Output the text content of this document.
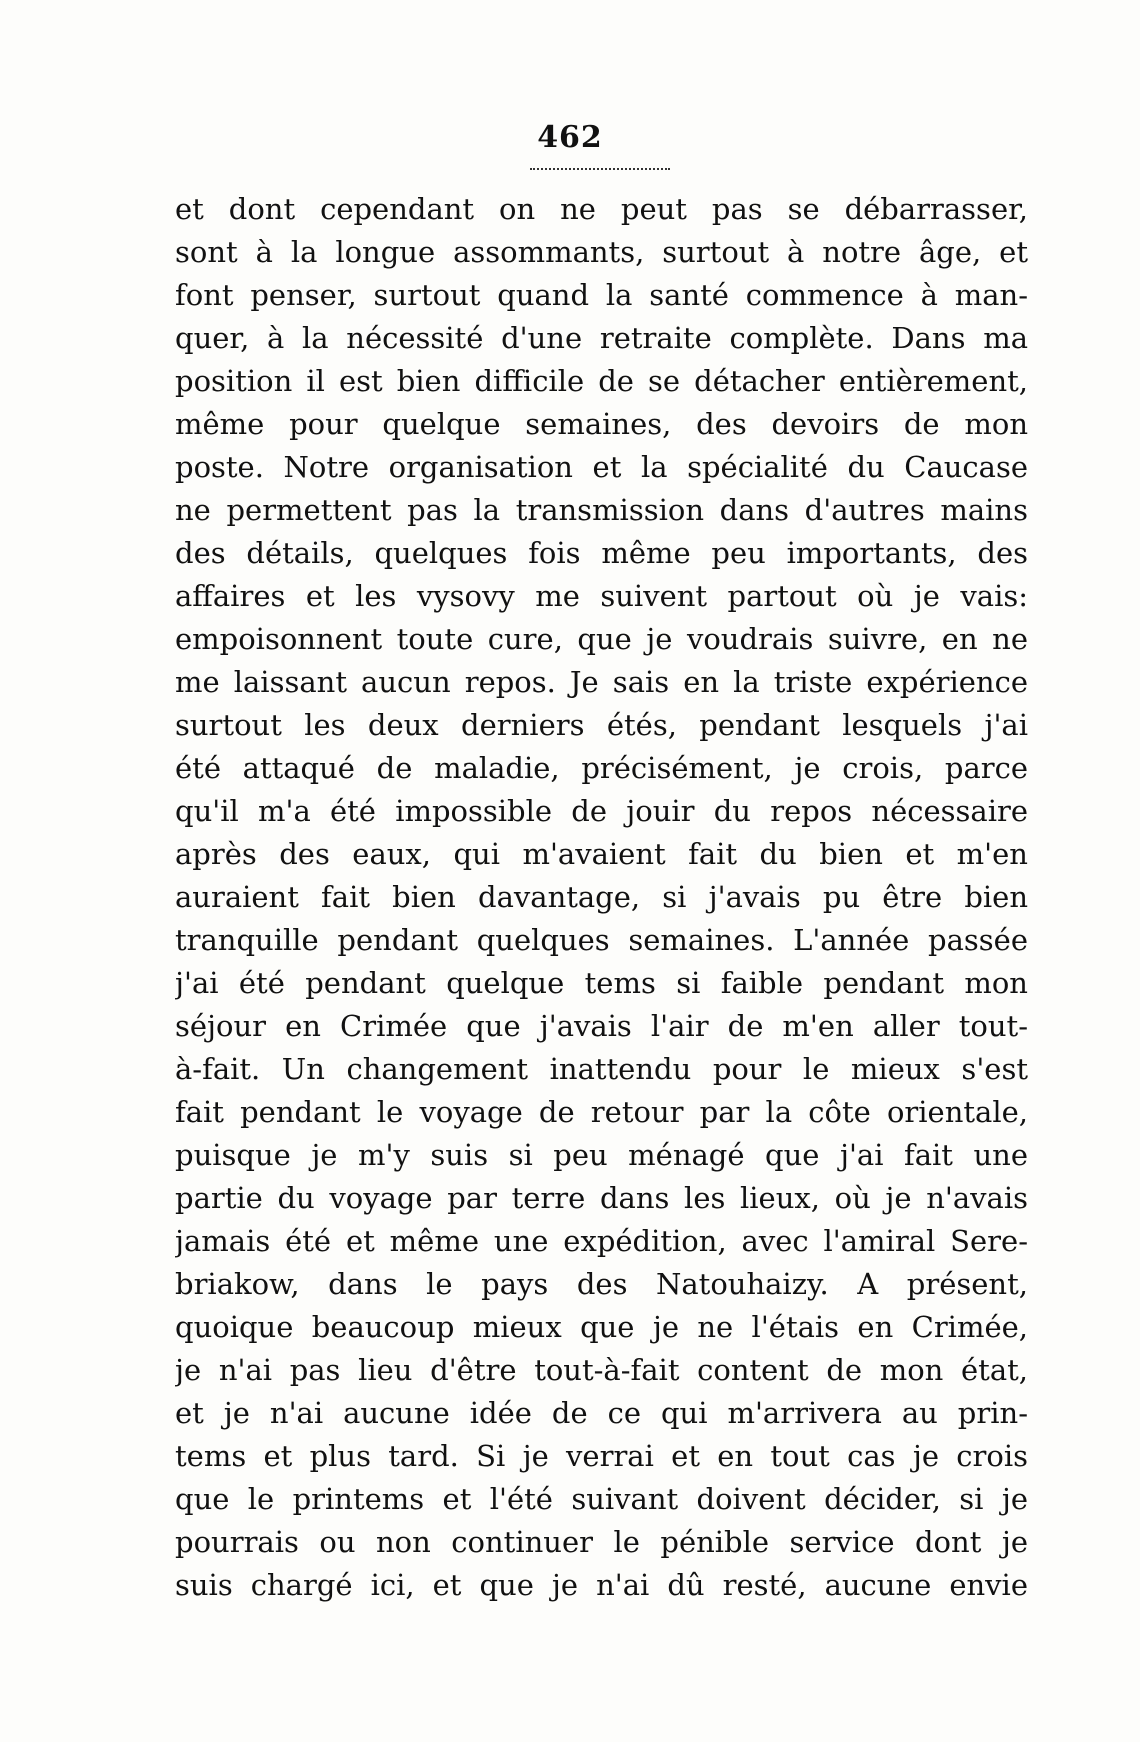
462
et dont cependant on ne peut pas se débarrasser,
sont à la longue assommants, surtout à notre âge, et
font penser, surtout quand la santé commence à man-
quer, à la nécessité d'une retraite complète. Dans ma
position il est bien difficile de se détacher entièrement,
même pour quelque semaines, des devoirs de mon
poste. Notre organisation et la spécialité du Caucase
ne permettent pas la transmission dans d'autres mains
des détails, quelques fois même peu importants, des
affaires et les vysovy me suivent partout où je vais:
empoisonnent toute cure, que je voudrais suivre, en ne
me laissant aucun repos. Je sais en la triste expérience
surtout les deux derniers étés, pendant lesquels j'ai
été attaqué de maladie, précisément, je crois, parce
qu'il m'a été impossible de jouir du repos nécessaire
après des eaux, qui m'avaient fait du bien et m'en
auraient fait bien davantage, si j'avais pu être bien
tranquille pendant quelques semaines. L'année passée
j'ai été pendant quelque tems si faible pendant mon
séjour en Crimée que j'avais l'air de m'en aller tout-
à-fait. Un changement inattendu pour le mieux s'est
fait pendant le voyage de retour par la côte orientale,
puisque je m'y suis si peu ménagé que j'ai fait une
partie du voyage par terre dans les lieux, où je n'avais
jamais été et même une expédition, avec l'amiral Sere-
briakow, dans le pays des Natouhaizy. A présent,
quoique beaucoup mieux que je ne l'étais en Crimée,
je n'ai pas lieu d'être tout-à-fait content de mon état,
et je n'ai aucune idée de ce qui m'arrivera au prin-
tems et plus tard. Si je verrai et en tout cas je crois
que le printems et l'été suivant doivent décider, si je
pourrais ou non continuer le pénible service dont je
suis chargé ici, et que je n'ai dû resté, aucune envie
